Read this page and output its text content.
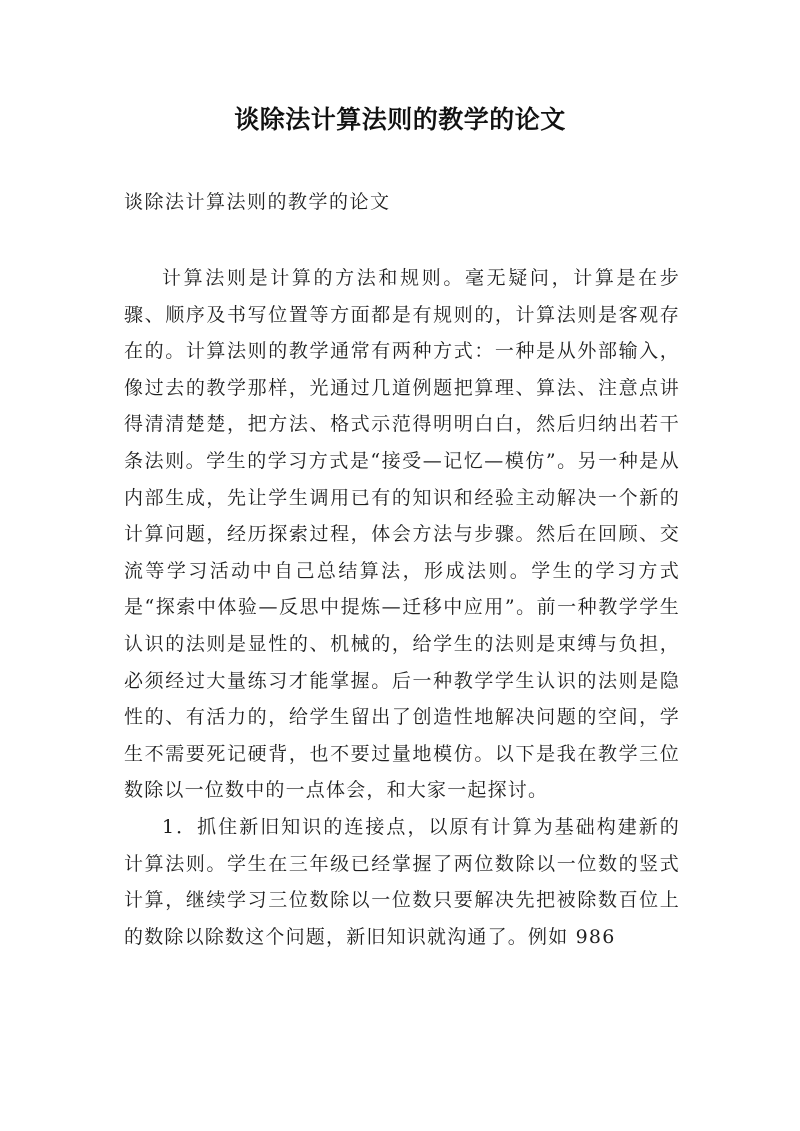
谈除法计算法则的教学的论文
谈除法计算法则的教学的论文

计算法则是计算的方法和规则。毫无疑问，计算是在步骤、顺序及书写位置等方面都是有规则的，计算法则是客观存在的。计算法则的教学通常有两种方式：一种是从外部输入，像过去的教学那样，光通过几道例题把算理、算法、注意点讲得清清楚楚，把方法、格式示范得明明白白，然后归纳出若干条法则。学生的学习方式是“接受—记忆—模仿”。另一种是从内部生成，先让学生调用已有的知识和经验主动解决一个新的计算问题，经历探索过程，体会方法与步骤。然后在回顾、交流等学习活动中自己总结算法，形成法则。学生的学习方式是“探索中体验—反思中提炼—迁移中应用”。前一种教学学生认识的法则是显性的、机械的，给学生的法则是束缚与负担，必须经过大量练习才能掌握。后一种教学学生认识的法则是隐性的、有活力的，给学生留出了创造性地解决问题的空间，学生不需要死记硬背，也不要过量地模仿。以下是我在教学三位数除以一位数中的一点体会，和大家一起探讨。

1．抓住新旧知识的连接点，以原有计算为基础构建新的计算法则。学生在三年级已经掌握了两位数除以一位数的竖式计算，继续学习三位数除以一位数只要解决先把被除数百位上的数除以除数这个问题，新旧知识就沟通了。例如 986
